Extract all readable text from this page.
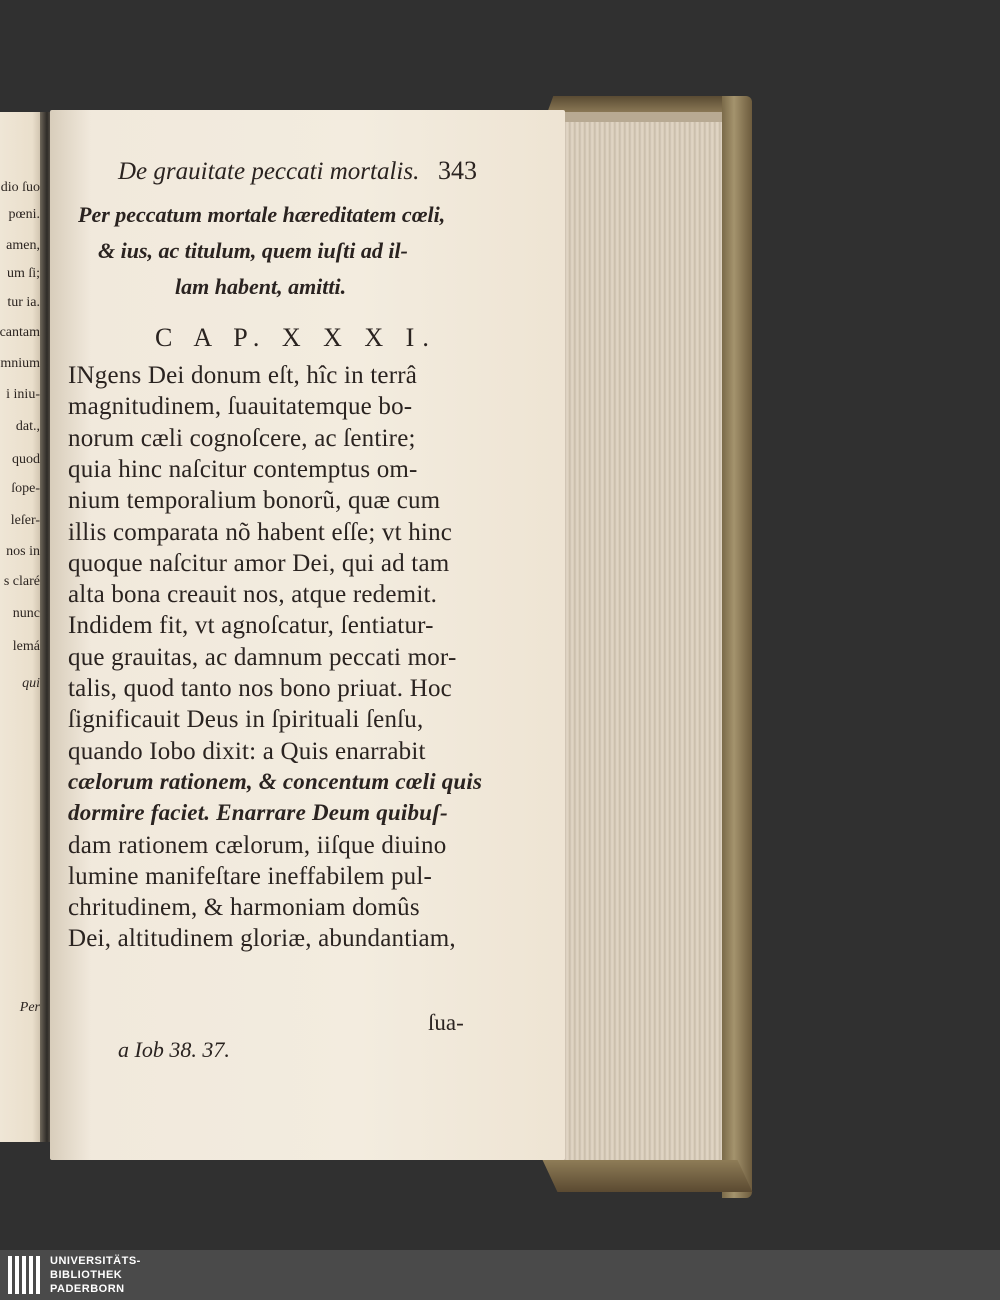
dio ſuo
pœni.
amen,
um ſi;
tur ia.
cantam
mnium
i iniu-
dat.,
quod
ſope-
leſer-
nos in
s claré
nunc
lemá
qui
Per
De grauitate peccati mortalis. 343
Per peccatum mortale hæreditatem cœli,
& ius, ac titulum, quem iuſti ad il-
lam habent, amitti.
C A P. X X X I.
INgens Dei donum eſt, hîc in terrâ
magnitudinem, ſuauitatemque bo-
norum cæli cognoſcere, ac ſentire;
quia hinc naſcitur contemptus om-
nium temporalium bonorũ, quæ cum
illis comparata nõ habent eſſe; vt hinc
quoque naſcitur amor Dei, qui ad tam
alta bona creauit nos, atque redemit.
Indidem fit, vt agnoſcatur, ſentiatur-
que grauitas, ac damnum peccati mor-
talis, quod tanto nos bono priuat. Hoc
ſignificauit Deus in ſpirituali ſenſu,
quando Iobo dixit: a Quis enarrabit
cælorum rationem, & concentum cœli quis
dormire faciet. Enarrare Deum quibuſ-
dam rationem cælorum, iiſque diuino
lumine manifeſtare ineffabilem pul-
chritudinem, & harmoniam domûs
Dei, altitudinem gloriæ, abundantiam,
ſua-
a Iob 38. 37.
UNIVERSITÄTS-
BIBLIOTHEK
PADERBORN
